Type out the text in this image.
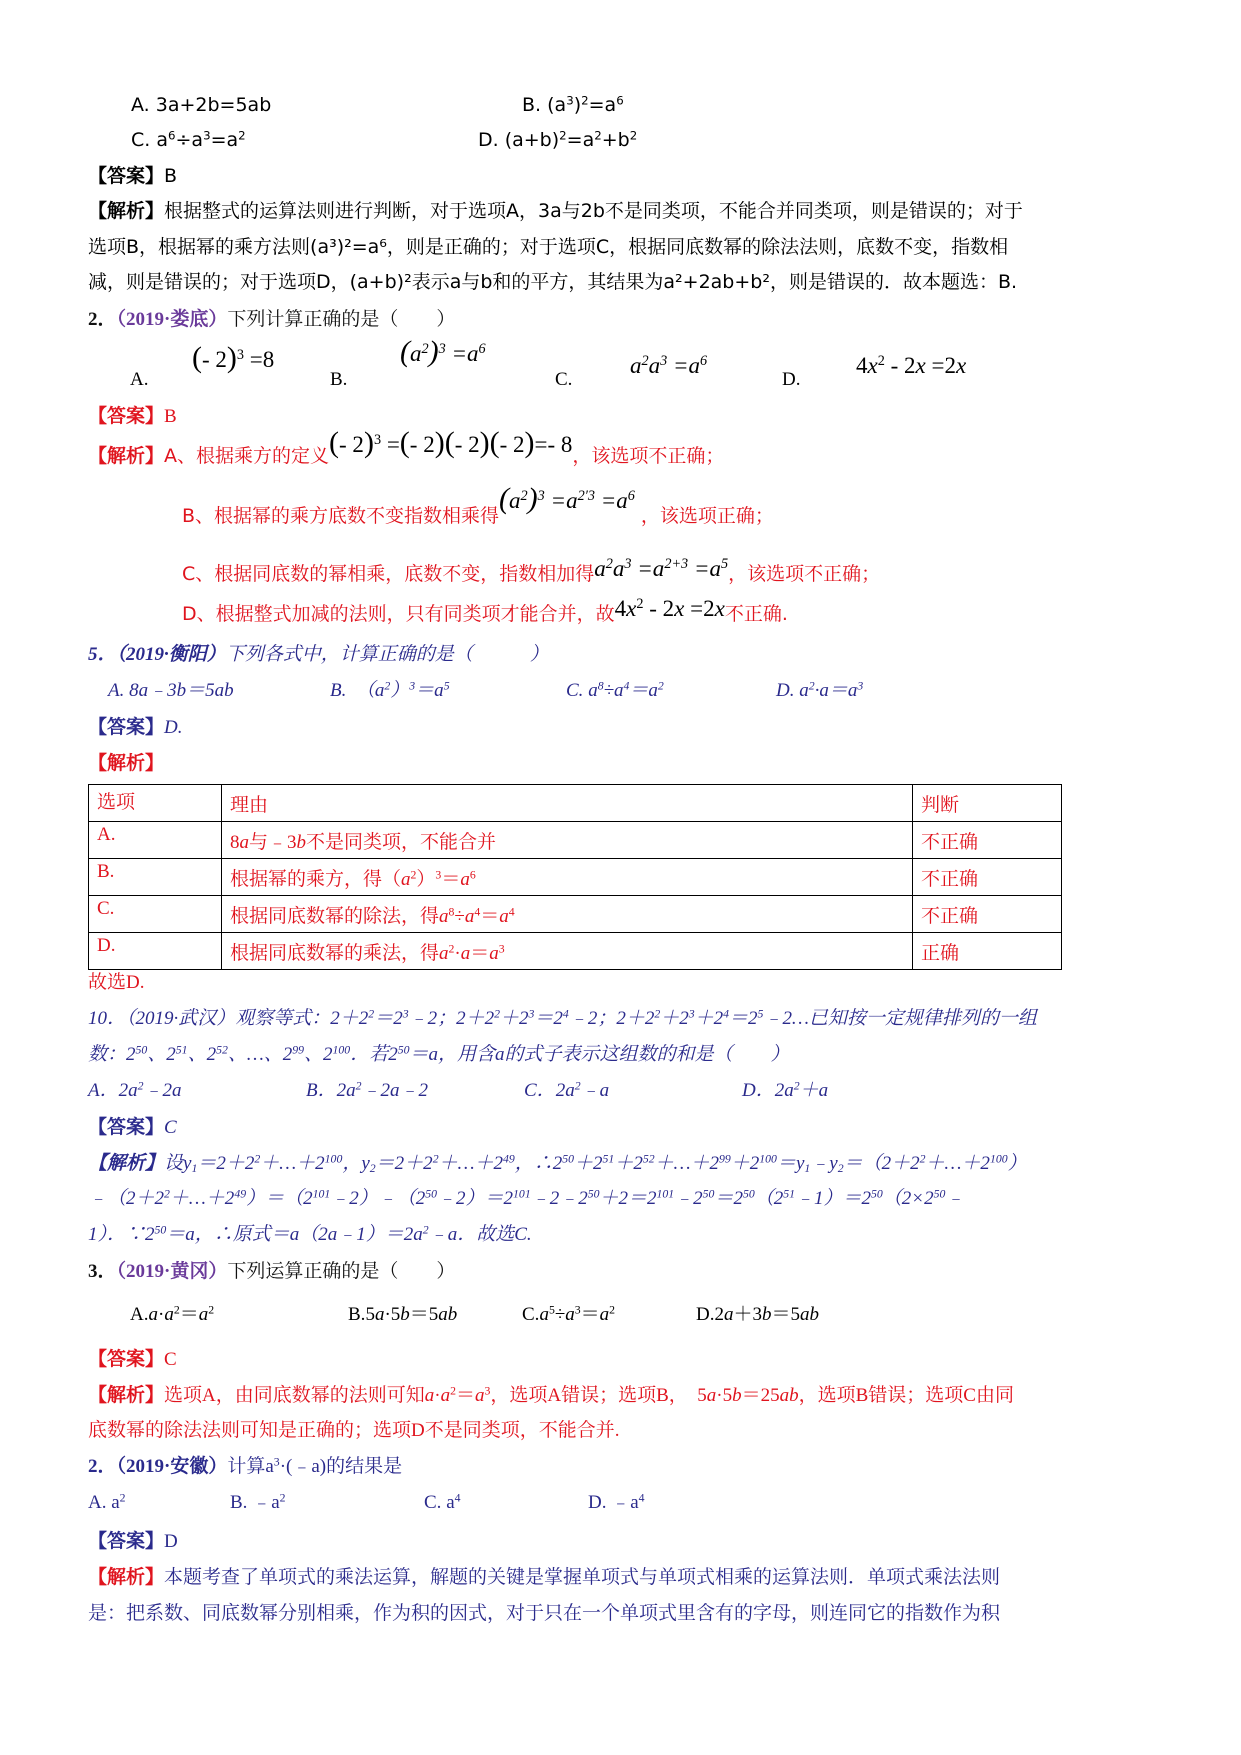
A. 3a+2b=5ab	B. $(a^3)^2=a^6$
C. $a^6\div a^3=a^2$	D. $(a+b)^2=a^2+b^2$
【答案】B
【解析】根据整式的运算法则进行判断，对于选项A，3a与2b不是同类项，不能合并同类项，则是错误的；对于
选项B，根据幂的乘方法则(a³)²=a⁶，则是正确的；对于选项C，根据同底数幂的除法法则，底数不变，指数相
减，则是错误的；对于选项D，(a+b)²表示a与b和的平方，其结果为a²+2ab+b²，则是错误的．故本题选：B.
2．（2019·娄底）下列计算正确的是（　　）
A.
(- 2)$^3$ =8
B.
$(a^2)^3 =a^6$
C.
$a^2a^3 =a^6$
D.
$4x^2 - 2x =2x$
【答案】B
【解析】A、根据乘方的定义(- 2)$^3$ =(- 2)(- 2)(- 2)=- 8，该选项不正确；
B、根据幂的乘方底数不变指数相乘得$(a^2)^3 =a^{2'3} =a^6$ ，该选项正确；
C、根据同底数的幂相乘，底数不变，指数相加得$a^2a^3 =a^{2+3} =a^5$，该选项不正确；
D、根据整式加减的法则，只有同类项才能合并，故$4x^2 - 2x =2x$不正确.
5．（2019·衡阳）下列各式中，计算正确的是（　　　）
A. 8a﹣3b＝5ab	B.  $(a^2)^3=a^5$	C. $a^8\div a^4=a^2$	D. $a^2\cdot a=a^3$
【答案】D.
【解析】
选项	理由	判断
A.	8a与﹣3b不是同类项，不能合并	不正确
B.	根据幂的乘方，得$(a^2)^3=a^6$	不正确
C.	根据同底数幂的除法，得$a^8\div a^4=a^4$	不正确
D.	根据同底数幂的乘法，得$a^2\cdot a=a^3$	正确
故选D.
10．（2019·武汉）观察等式：$2+2^2=2^3﹣2$；$2+2^2+2^3=2^4﹣2$；$2+2^2+2^3+2^4=2^5﹣2\dots$已知按一定规律排列的一组
数：$2^{50}$、$2^{51}$、$2^{52}$、…、$2^{99}$、$2^{100}$．若$2^{50}=a$，用含a的式子表示这组数的和是（　　）
A．$2a^2﹣2a$	B．$2a^2﹣2a﹣2$	C．$2a^2﹣a$	D．$2a^2+a$
【答案】C
【解析】设$y_1=2+2^2+\dots+2^{100}$，$y_2=2+2^2+\dots+2^{49}$，$\therefore 2^{50}+2^{51}+2^{52}+\dots+2^{99}+2^{100}=y_1﹣y_2=(2+2^2+\dots+2^{100})$
$﹣(2+2^2+\dots+2^{49})=(2^{101}﹣2)﹣(2^{50}﹣2)=2^{101}﹣2﹣2^{50}+2=2^{101}﹣2^{50}=2^{50}(2^{51}﹣1)=2^{50}(2\times 2^{50}﹣$
1）．$\because 2^{50}=a$，∴原式$=a(2a﹣1)=2a^2﹣a$．故选C.
3．（2019·黄冈）下列运算正确的是（　　）
$A.a\cdot a^2=a^2$	B.5a·5b＝5ab	$C.a^5\div a^3=a^2$	D.2a＋3b＝5ab
【答案】C
【解析】选项A，由同底数幂的法则可知$a\cdot a^2=a^3$，选项A错误；选项B，　5a·5b＝25ab，选项B错误；选项C由同
底数幂的除法法则可知是正确的；选项D不是同类项，不能合并.
2．（2019·安徽）计算$a^3\cdot(﹣a)$的结果是
A. $a^2$	B. $﹣a^2$	C. $a^4$	D. $﹣a^4$
【答案】D
【解析】本题考查了单项式的乘法运算，解题的关键是掌握单项式与单项式相乘的运算法则．单项式乘法法则
是：把系数、同底数幂分别相乘，作为积的因式，对于只在一个单项式里含有的字母，则连同它的指数作为积
